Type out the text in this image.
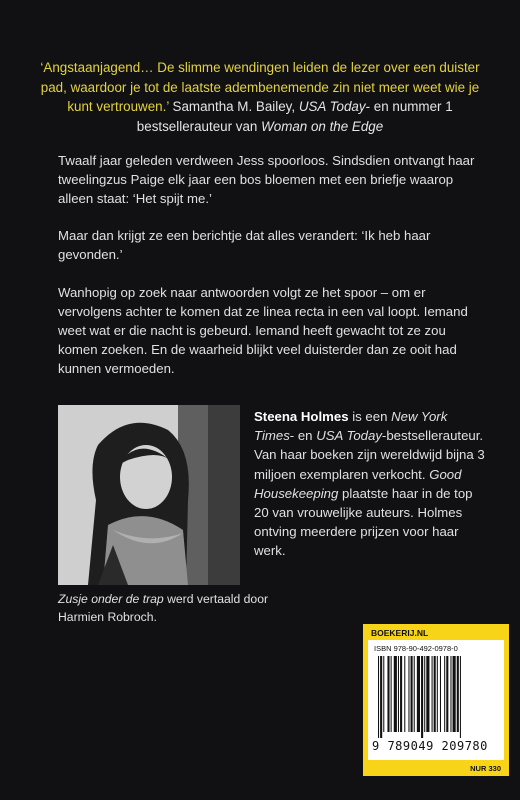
‘Angstaanjagend… De slimme wendingen leiden de lezer over een duister pad, waardoor je tot de laatste adembenemende zin niet meer weet wie je kunt vertrouwen.’ Samantha M. Bailey, USA Today- en nummer 1 bestsellerauteur van Woman on the Edge

Twaalf jaar geleden verdween Jess spoorloos. Sindsdien ontvangt haar tweelingzus Paige elk jaar een bos bloemen met een briefje waarop alleen staat: ‘Het spijt me.’

Maar dan krijgt ze een berichtje dat alles verandert: ‘Ik heb haar gevonden.’

Wanhopig op zoek naar antwoorden volgt ze het spoor – om er vervolgens achter te komen dat ze linea recta in een val loopt. Iemand weet wat er die nacht is gebeurd. Iemand heeft gewacht tot ze zou komen zoeken. En de waarheid blijkt veel duisterder dan ze ooit had kunnen vermoeden.

Steena Holmes is een New York Times- en USA Today-bestsellerauteur. Van haar boeken zijn wereldwijd bijna 3 miljoen exemplaren verkocht. Good Housekeeping plaatste haar in de top 20 van vrouwelijke auteurs. Holmes ontving meerdere prijzen voor haar werk.

Zusje onder de trap werd vertaald door Harmien Robroch.

BOEKERIJ.NL
ISBN 978-90-492-0978-0
9 789049 209780
NUR 330
